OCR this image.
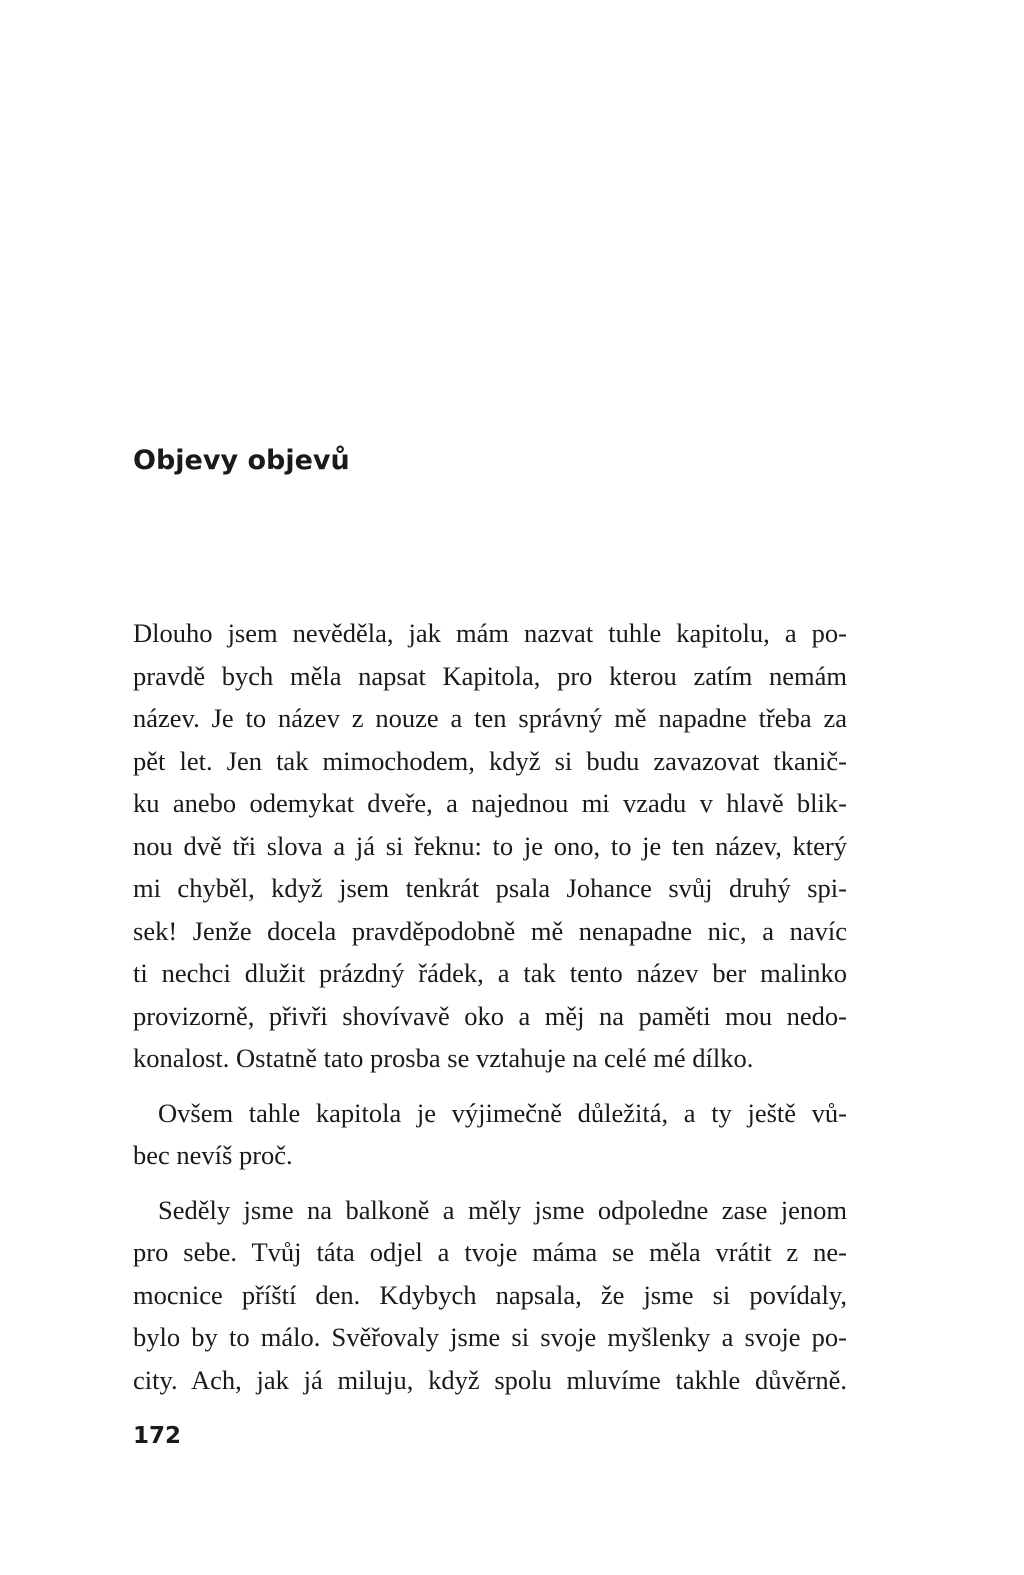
Objevy objevů
Dlouho jsem nevěděla, jak mám nazvat tuhle kapitolu, a po-
pravdě bych měla napsat Kapitola, pro kterou zatím nemám
název. Je to název z nouze a ten správný mě napadne třeba za
pět let. Jen tak mimochodem, když si budu zavazovat tkanič-
ku anebo odemykat dveře, a najednou mi vzadu v hlavě blik-
nou dvě tři slova a já si řeknu: to je ono, to je ten název, který
mi chyběl, když jsem tenkrát psala Johance svůj druhý spi-
sek! Jenže docela pravděpodobně mě nenapadne nic, a navíc
ti nechci dlužit prázdný řádek, a tak tento název ber malinko
provizorně, přivři shovívavě oko a měj na paměti mou nedo-
konalost. Ostatně tato prosba se vztahuje na celé mé dílko.
Ovšem tahle kapitola je výjimečně důležitá, a ty ještě vů-
bec nevíš proč.
Seděly jsme na balkoně a měly jsme odpoledne zase jenom
pro sebe. Tvůj táta odjel a tvoje máma se měla vrátit z ne-
mocnice příští den. Kdybych napsala, že jsme si povídaly,
bylo by to málo. Svěřovaly jsme si svoje myšlenky a svoje po-
city. Ach, jak já miluju, když spolu mluvíme takhle důvěrně.

172
